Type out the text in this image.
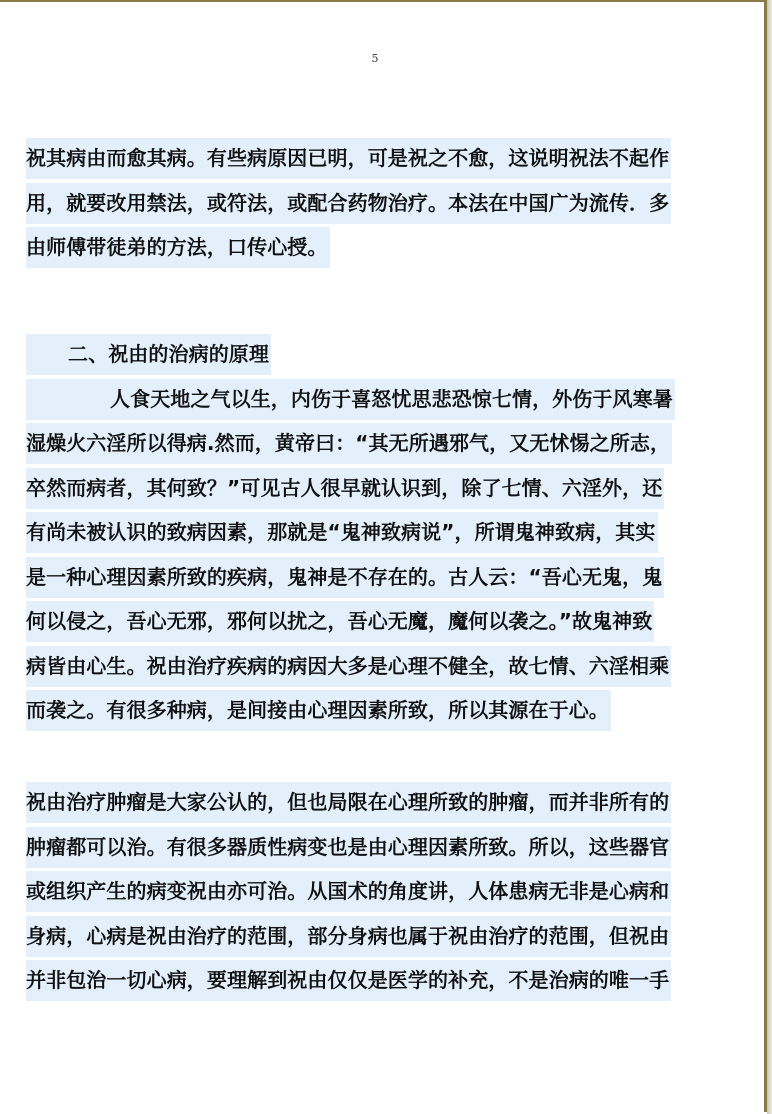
5
祝其病由而愈其病。有些病原因已明，可是祝之不愈，这说明祝法不起作
用，就要改用禁法，或符法，或配合药物治疗。本法在中国广为流传．多
由师傅带徒弟的方法，口传心授。
二、祝由的治病的原理
人食天地之气以生，内伤于喜怒忧思悲恐惊七情，外伤于风寒暑
湿燥火六淫所以得病.然而，黄帝曰：“其无所遇邪气，又无怵惕之所志，
卒然而病者，其何致？”可见古人很早就认识到，除了七情、六淫外，还
有尚未被认识的致病因素，那就是“鬼神致病说”，所谓鬼神致病，其实
是一种心理因素所致的疾病，鬼神是不存在的。古人云：“吾心无鬼，鬼
何以侵之，吾心无邪，邪何以扰之，吾心无魔，魔何以袭之。”故鬼神致
病皆由心生。祝由治疗疾病的病因大多是心理不健全，故七情、六淫相乘
而袭之。有很多种病，是间接由心理因素所致，所以其源在于心。
祝由治疗肿瘤是大家公认的，但也局限在心理所致的肿瘤，而并非所有的
肿瘤都可以治。有很多器质性病变也是由心理因素所致。所以，这些器官
或组织产生的病变祝由亦可治。从国术的角度讲，人体患病无非是心病和
身病，心病是祝由治疗的范围，部分身病也属于祝由治疗的范围，但祝由
并非包治一切心病，要理解到祝由仅仅是医学的补充，不是治病的唯一手
